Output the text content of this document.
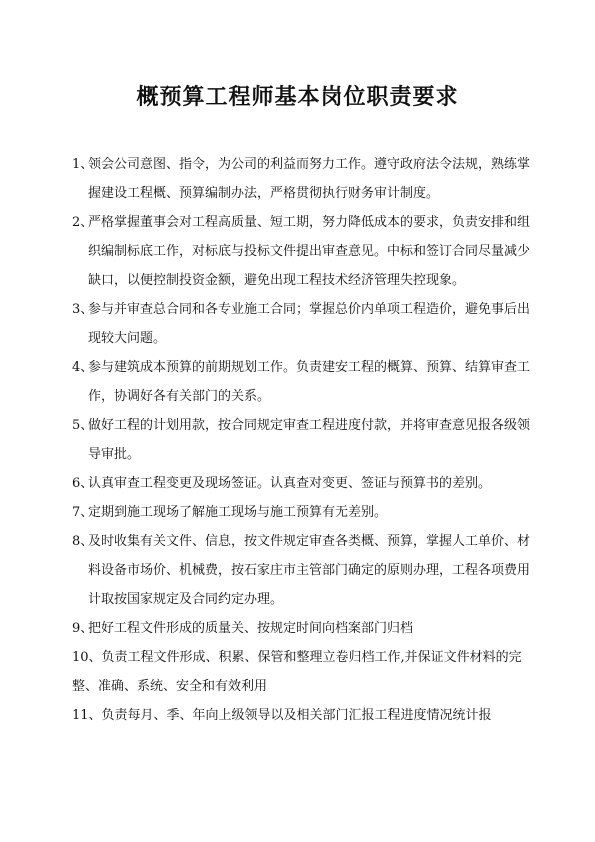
概预算工程师基本岗位职责要求
1、
领会公司意图、指令，为公司的利益而努力工作。遵守政府法令法规，熟练掌握建设工程概、预算编制办法，严格贯彻执行财务审计制度。
2、
严格掌握董事会对工程高质量、短工期，努力降低成本的要求，负责安排和组织编制标底工作，对标底与投标文件提出审查意见。中标和签订合同尽量减少缺口，以便控制投资金额，避免出现工程技术经济管理失控现象。
3、
参与并审查总合同和各专业施工合同；掌握总价内单项工程造价，避免事后出现较大问题。
4、
参与建筑成本预算的前期规划工作。负责建安工程的概算、预算、结算审查工作，协调好各有关部门的关系。
5、
做好工程的计划用款，按合同规定审查工程进度付款，并将审查意见报各级领导审批。
6、
认真审查工程变更及现场签证。认真查对变更、签证与预算书的差别。
7、
定期到施工现场了解施工现场与施工预算有无差别。
8、
及时收集有关文件、信息，按文件规定审查各类概、预算，掌握人工单价、材料设备市场价、机械费，按石家庄市主管部门确定的原则办理，工程各项费用计取按国家规定及合同约定办理。
9、
把好工程文件形成的质量关、按规定时间向档案部门归档
10、负责工程文件形成、积累、保管和整理立卷归档工作,并保证文件材料的完整、准确、系统、安全和有效利用
11、负责每月、季、年向上级领导以及相关部门汇报工程进度情况统计报
